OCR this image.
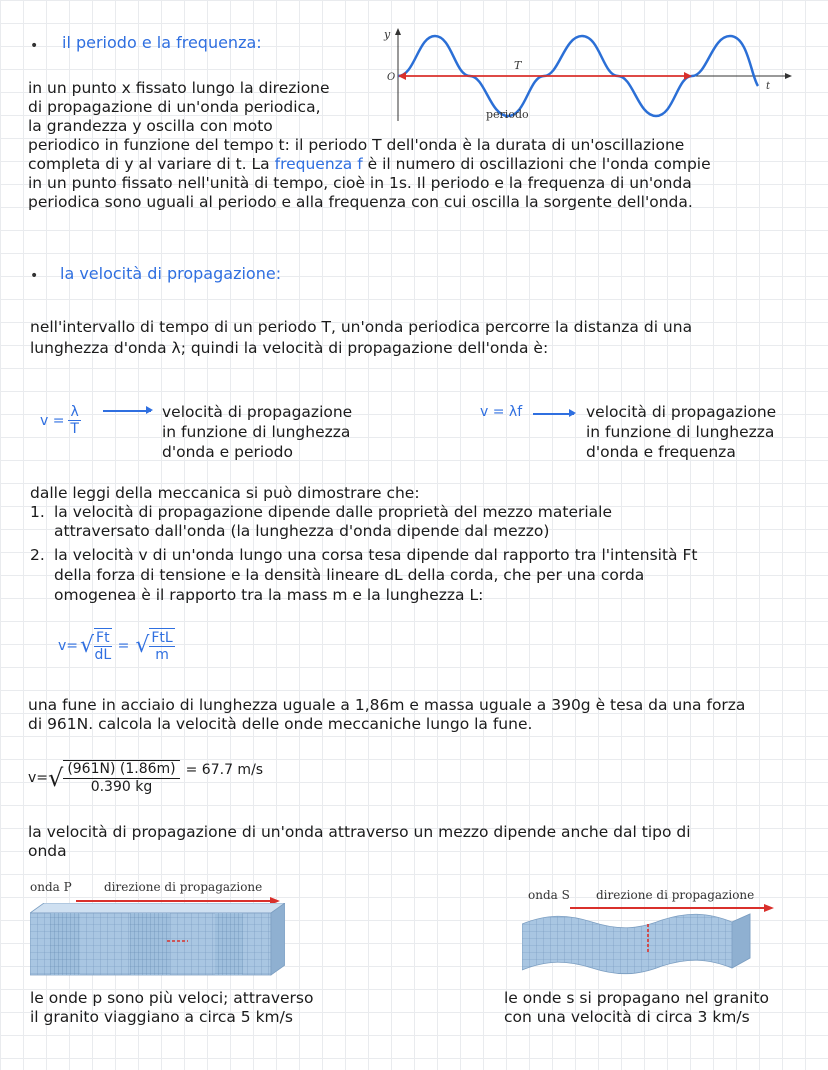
• il periodo e la frequenza:
in un punto x fissato lungo la direzione
di propagazione di un'onda periodica,
la grandezza y oscilla con moto
periodico in funzione del tempo t: il periodo T dell'onda è la durata di un'oscillazione
completa di y al variare di t. La frequenza f è il numero di oscillazioni che l'onda compie
in un punto fissato nell'unità di tempo, cioè in 1s. Il periodo e la frequenza di un'onda
periodica sono uguali al periodo e alla frequenza con cui oscilla la sorgente dell'onda.
y
O
t
T
periodo
• la velocità di propagazione:
nell'intervallo di tempo di un periodo T, un'onda periodica percorre la distanza di una
lunghezza d'onda λ; quindi la velocità di propagazione dell'onda è:
$v = \frac{\lambda}{T}$	velocità di propagazione
in funzione di lunghezza
d'onda e periodo
v = λf	velocità di propagazione
in funzione di lunghezza
d'onda e frequenza
dalle leggi della meccanica si può dimostrare che:
1. la velocità di propagazione dipende dalle proprietà del mezzo materiale
attraversato dall'onda (la lunghezza d'onda dipende dal mezzo)
2. la velocità v di un'onda lungo una corsa tesa dipende dal rapporto tra l'intensità Ft
della forza di tensione e la densità lineare dL della corda, che per una corda
omogenea è il rapporto tra la mass m e la lunghezza L:
v= √ $\frac{Ft}{dL}$ = √ $\frac{\text{FtL}}{m}$
una fune in acciaio di lunghezza uguale a 1,86m e massa uguale a 390g è tesa da una forza
di 961N. calcola la velocità delle onde meccaniche lungo la fune.
v= √ $\frac{(961N) (1.86m)}{0.390 kg} = 67.7$ m/s
la velocità di propagazione di un'onda attraverso un mezzo dipende anche dal tipo di
onda
onda P	direzione di propagazione
le onde p sono più veloci; attraverso
il granito viaggiano a circa 5 km/s
onda S direzione di propagazione
le onde s si propagano nel granito
con una velocità di circa 3 km/s
